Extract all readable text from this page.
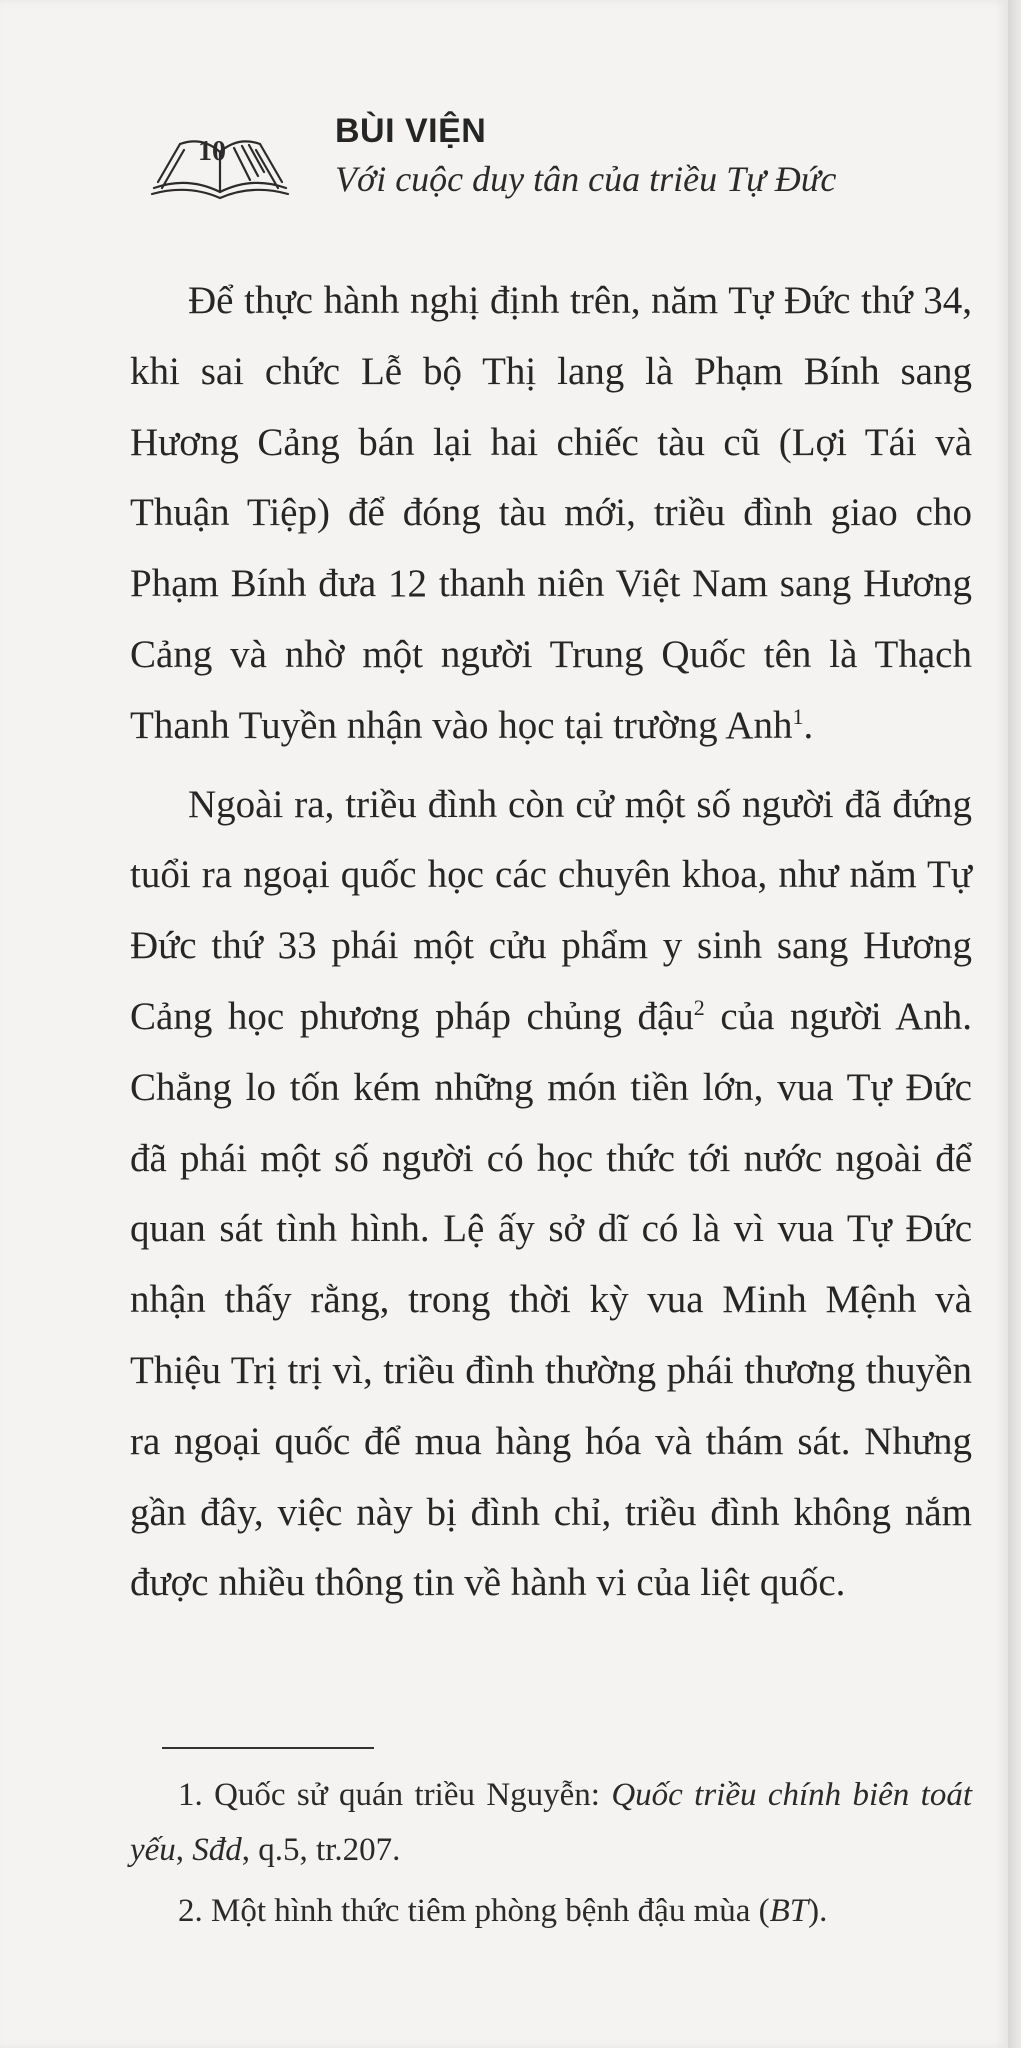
10
BÙI VIỆN
Với cuộc duy tân của triều Tự Đức

Để thực hành nghị định trên, năm Tự Đức thứ 34, khi sai chức Lễ bộ Thị lang là Phạm Bính sang Hương Cảng bán lại hai chiếc tàu cũ (Lợi Tái và Thuận Tiệp) để đóng tàu mới, triều đình giao cho Phạm Bính đưa 12 thanh niên Việt Nam sang Hương Cảng và nhờ một người Trung Quốc tên là Thạch Thanh Tuyền nhận vào học tại trường Anh$^1$.

Ngoài ra, triều đình còn cử một số người đã đứng tuổi ra ngoại quốc học các chuyên khoa, như năm Tự Đức thứ 33 phái một cửu phẩm y sinh sang Hương Cảng học phương pháp chủng đậu$^2$ của người Anh. Chẳng lo tốn kém những món tiền lớn, vua Tự Đức đã phái một số người có học thức tới nước ngoài để quan sát tình hình. Lệ ấy sở dĩ có là vì vua Tự Đức nhận thấy rằng, trong thời kỳ vua Minh Mệnh và Thiệu Trị trị vì, triều đình thường phái thương thuyền ra ngoại quốc để mua hàng hóa và thám sát. Nhưng gần đây, việc này bị đình chỉ, triều đình không nắm được nhiều thông tin về hành vi của liệt quốc.

1. Quốc sử quán triều Nguyễn: Quốc triều chính biên toát yếu, Sđd, q.5, tr.207.

2. Một hình thức tiêm phòng bệnh đậu mùa (BT).
